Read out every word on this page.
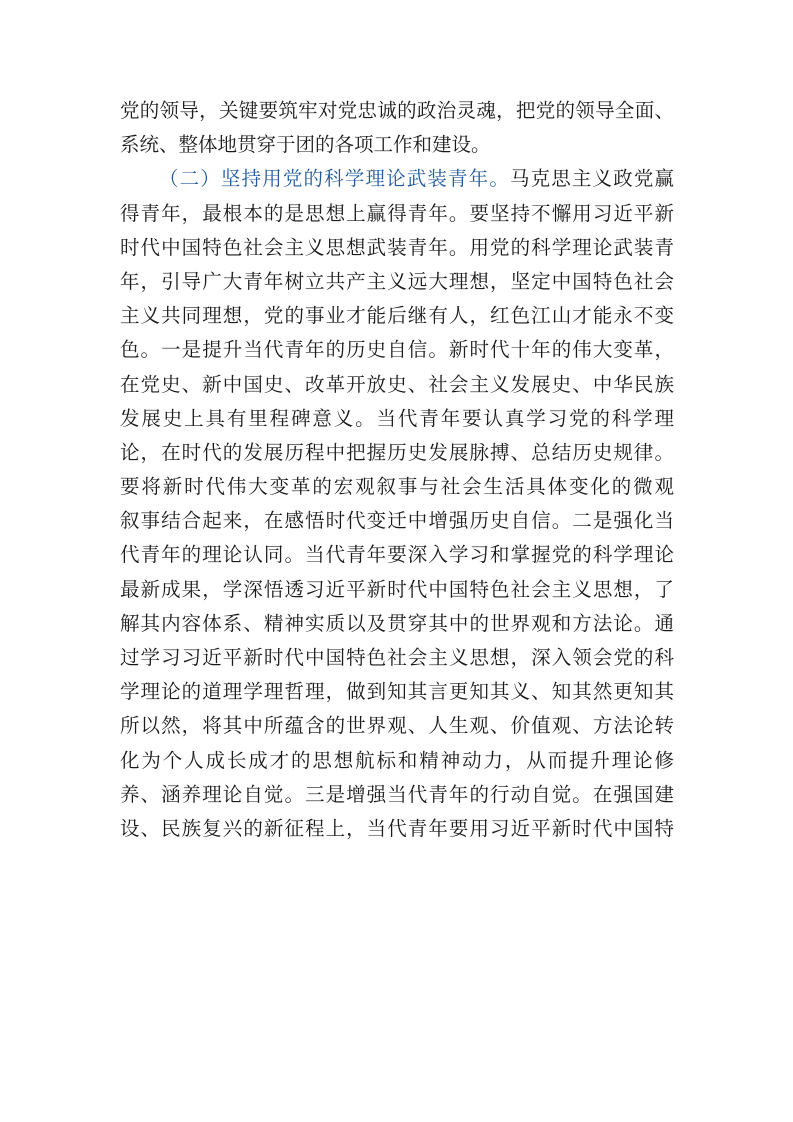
党的领导，关键要筑牢对党忠诚的政治灵魂，把党的领导全面、
系统、整体地贯穿于团的各项工作和建设。
（二）坚持用党的科学理论武装青年。马克思主义政党赢
得青年，最根本的是思想上赢得青年。要坚持不懈用习近平新
时代中国特色社会主义思想武装青年。用党的科学理论武装青
年，引导广大青年树立共产主义远大理想，坚定中国特色社会
主义共同理想，党的事业才能后继有人，红色江山才能永不变
色。一是提升当代青年的历史自信。新时代十年的伟大变革，
在党史、新中国史、改革开放史、社会主义发展史、中华民族
发展史上具有里程碑意义。当代青年要认真学习党的科学理
论，在时代的发展历程中把握历史发展脉搏、总结历史规律。
要将新时代伟大变革的宏观叙事与社会生活具体变化的微观
叙事结合起来，在感悟时代变迁中增强历史自信。二是强化当
代青年的理论认同。当代青年要深入学习和掌握党的科学理论
最新成果，学深悟透习近平新时代中国特色社会主义思想，了
解其内容体系、精神实质以及贯穿其中的世界观和方法论。通
过学习习近平新时代中国特色社会主义思想，深入领会党的科
学理论的道理学理哲理，做到知其言更知其义、知其然更知其
所以然，将其中所蕴含的世界观、人生观、价值观、方法论转
化为个人成长成才的思想航标和精神动力，从而提升理论修
养、涵养理论自觉。三是增强当代青年的行动自觉。在强国建
设、民族复兴的新征程上，当代青年要用习近平新时代中国特
